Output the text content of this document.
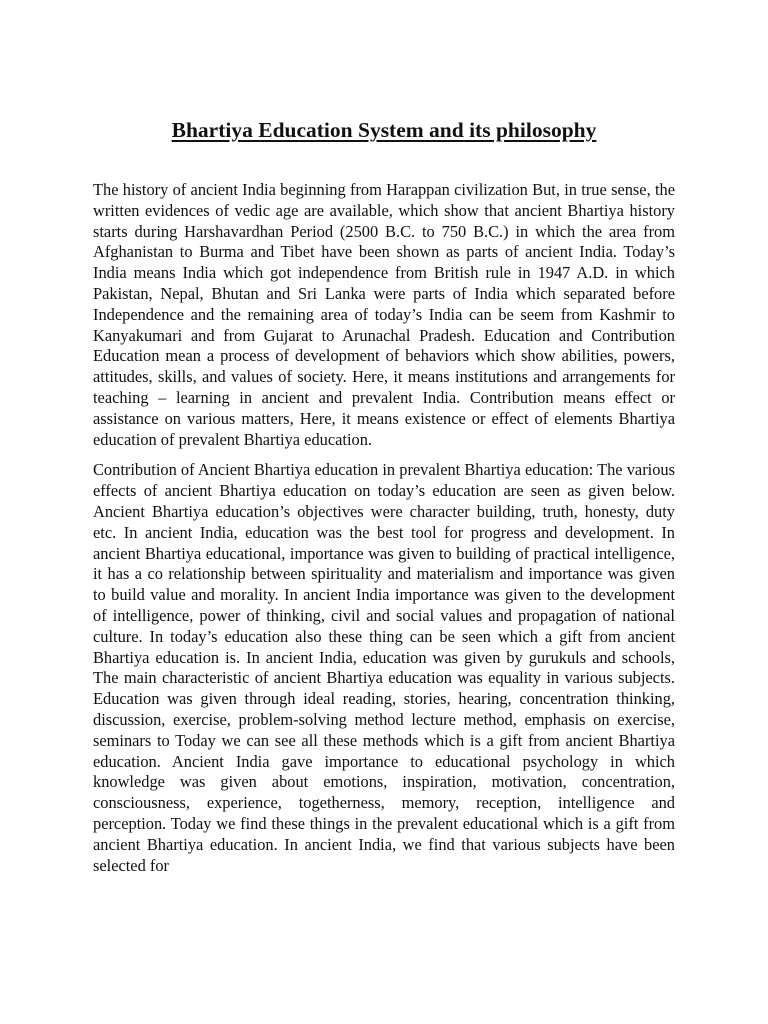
Bhartiya Education System and its philosophy

The history of ancient India beginning from Harappan civilization But, in true sense, the written evidences of vedic age are available, which show that ancient Bhartiya history starts during Harshavardhan Period (2500 B.C. to 750 B.C.) in which the area from Afghanistan to Burma and Tibet have been shown as parts of ancient India. Today’s India means India which got independence from British rule in 1947 A.D. in which Pakistan, Nepal, Bhutan and Sri Lanka were parts of India which separated before Independence and the remaining area of today’s India can be seem from Kashmir to Kanyakumari and from Gujarat to Arunachal Pradesh. Education and Contribution Education mean a process of development of behaviors which show abilities, powers, attitudes, skills, and values of society. Here, it means institutions and arrangements for teaching – learning in ancient and prevalent India. Contribution means effect or assistance on various matters, Here, it means existence or effect of elements Bhartiya education of prevalent Bhartiya education.

Contribution of Ancient Bhartiya education in prevalent Bhartiya education: The various effects of ancient Bhartiya education on today’s education are seen as given below. Ancient Bhartiya education’s objectives were character building, truth, honesty, duty etc. In ancient India, education was the best tool for progress and development. In ancient Bhartiya educational, importance was given to building of practical intelligence, it has a co relationship between spirituality and materialism and importance was given to build value and morality. In ancient India importance was given to the development of intelligence, power of thinking, civil and social values and propagation of national culture. In today’s education also these thing can be seen which a gift from ancient Bhartiya education is. In ancient India, education was given by gurukuls and schools, The main characteristic of ancient Bhartiya education was equality in various subjects. Education was given through ideal reading, stories, hearing, concentration thinking, discussion, exercise, problem-solving method lecture method, emphasis on exercise, seminars to Today we can see all these methods which is a gift from ancient Bhartiya education. Ancient India gave importance to educational psychology in which knowledge was given about emotions, inspiration, motivation, concentration, consciousness, experience, togetherness, memory, reception, intelligence and perception. Today we find these things in the prevalent educational which is a gift from ancient Bhartiya education. In ancient India, we find that various subjects have been selected for
